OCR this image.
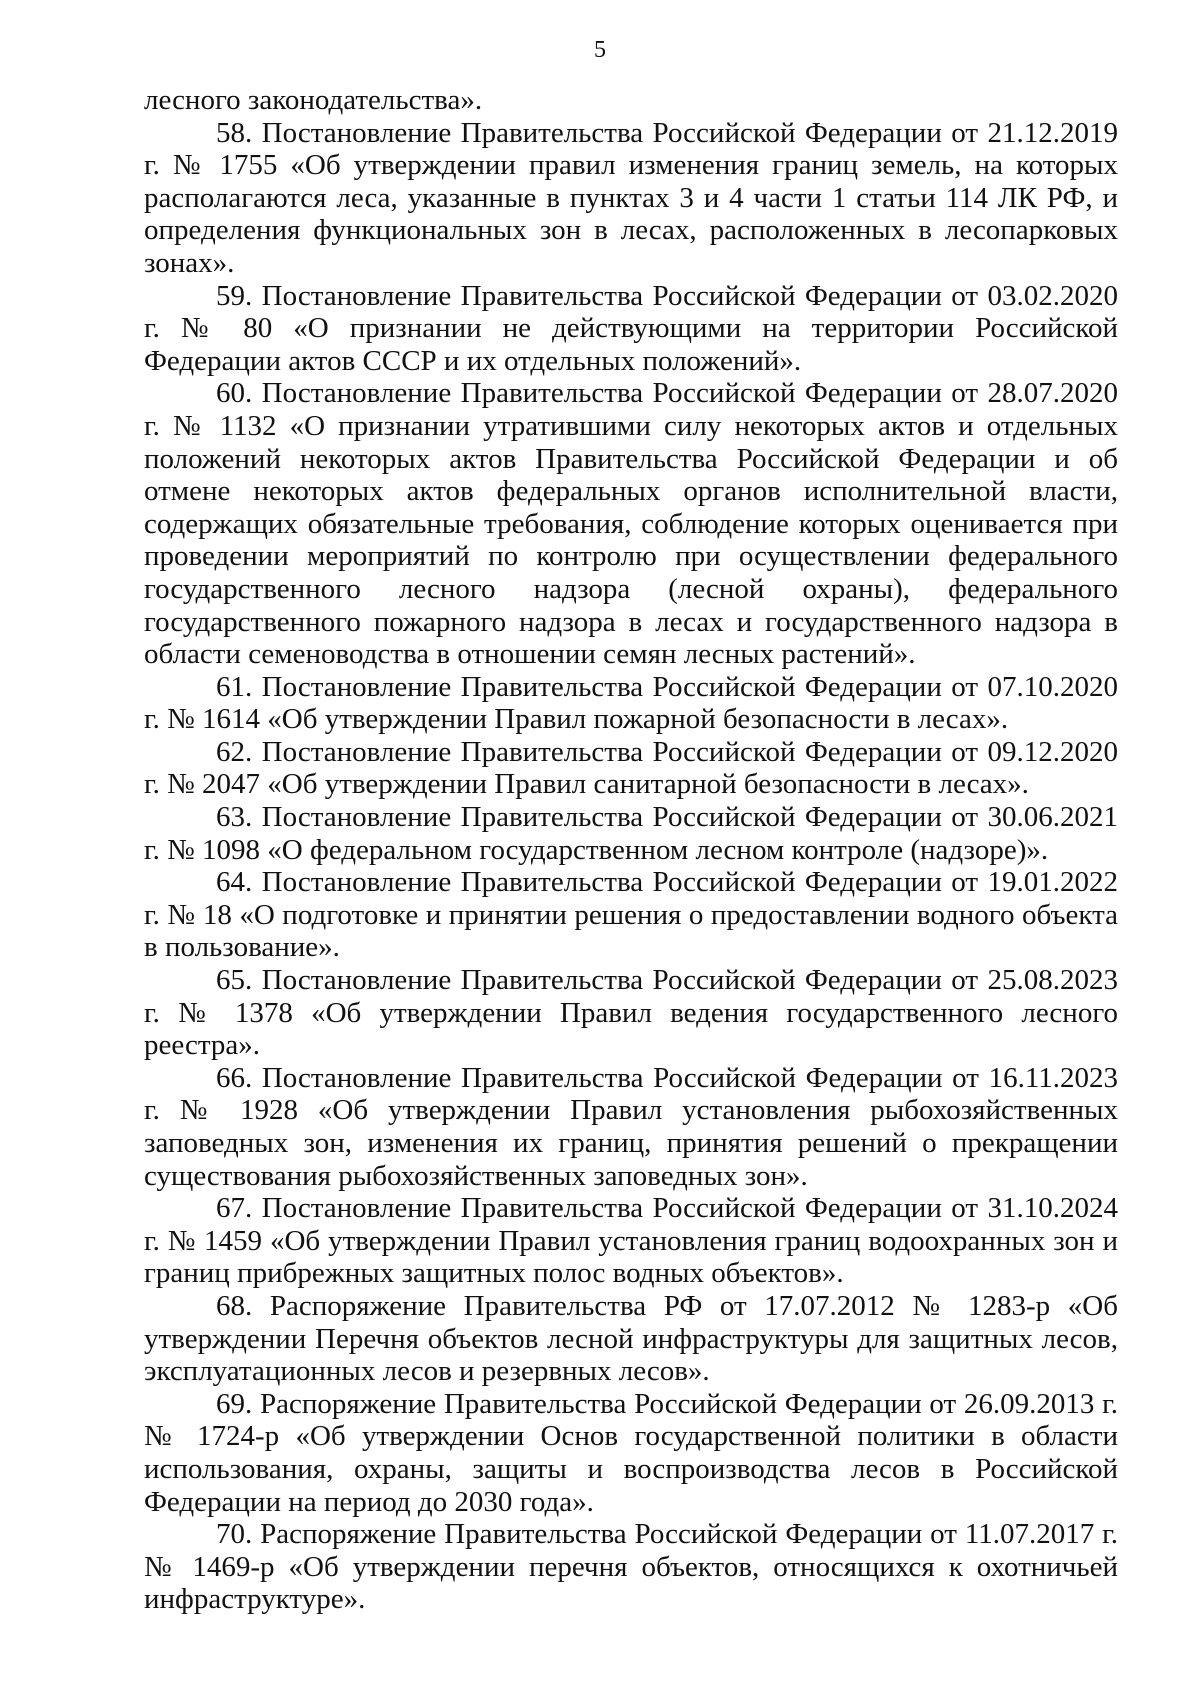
5

лесного законодательства».

58. Постановление Правительства Российской Федерации от 21.12.2019 г. № 1755 «Об утверждении правил изменения границ земель, на которых располагаются леса, указанные в пунктах 3 и 4 части 1 статьи 114 ЛК РФ, и определения функциональных зон в лесах, расположенных в лесопарковых зонах».

59. Постановление Правительства Российской Федерации от 03.02.2020 г. № 80 «О признании не действующими на территории Российской Федерации актов СССР и их отдельных положений».

60. Постановление Правительства Российской Федерации от 28.07.2020 г. № 1132 «О признании утратившими силу некоторых актов и отдельных положений некоторых актов Правительства Российской Федерации и об отмене некоторых актов федеральных органов исполнительной власти, содержащих обязательные требования, соблюдение которых оценивается при проведении мероприятий по контролю при осуществлении федерального государственного лесного надзора (лесной охраны), федерального государственного пожарного надзора в лесах и государственного надзора в области семеноводства в отношении семян лесных растений».

61. Постановление Правительства Российской Федерации от 07.10.2020 г. № 1614 «Об утверждении Правил пожарной безопасности в лесах».

62. Постановление Правительства Российской Федерации от 09.12.2020 г. № 2047 «Об утверждении Правил санитарной безопасности в лесах».

63. Постановление Правительства Российской Федерации от 30.06.2021 г. № 1098 «О федеральном государственном лесном контроле (надзоре)».

64. Постановление Правительства Российской Федерации от 19.01.2022 г. № 18 «О подготовке и принятии решения о предоставлении водного объекта в пользование».

65. Постановление Правительства Российской Федерации от 25.08.2023 г. № 1378 «Об утверждении Правил ведения государственного лесного реестра».

66. Постановление Правительства Российской Федерации от 16.11.2023 г. № 1928 «Об утверждении Правил установления рыбохозяйственных заповедных зон, изменения их границ, принятия решений о прекращении существования рыбохозяйственных заповедных зон».

67. Постановление Правительства Российской Федерации от 31.10.2024 г. № 1459 «Об утверждении Правил установления границ водоохранных зон и границ прибрежных защитных полос водных объектов».

68. Распоряжение Правительства РФ от 17.07.2012 № 1283-р «Об утверждении Перечня объектов лесной инфраструктуры для защитных лесов, эксплуатационных лесов и резервных лесов».

69. Распоряжение Правительства Российской Федерации от 26.09.2013 г. № 1724-р «Об утверждении Основ государственной политики в области использования, охраны, защиты и воспроизводства лесов в Российской Федерации на период до 2030 года».

70. Распоряжение Правительства Российской Федерации от 11.07.2017 г. № 1469-р «Об утверждении перечня объектов, относящихся к охотничьей инфраструктуре».
